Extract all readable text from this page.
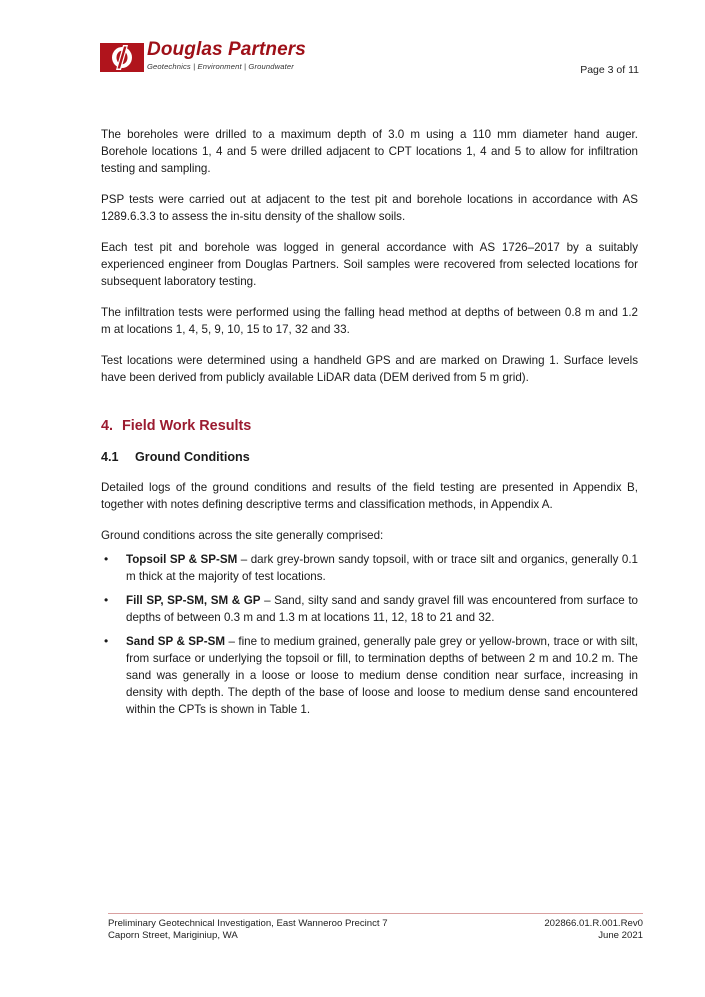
Douglas Partners
Geotechnics | Environment | Groundwater	Page 3 of 11

The boreholes were drilled to a maximum depth of 3.0 m using a 110 mm diameter hand auger. Borehole locations 1, 4 and 5 were drilled adjacent to CPT locations 1, 4 and 5 to allow for infiltration testing and sampling.

PSP tests were carried out at adjacent to the test pit and borehole locations in accordance with AS 1289.6.3.3 to assess the in-situ density of the shallow soils.

Each test pit and borehole was logged in general accordance with AS 1726–2017 by a suitably experienced engineer from Douglas Partners. Soil samples were recovered from selected locations for subsequent laboratory testing.

The infiltration tests were performed using the falling head method at depths of between 0.8 m and 1.2 m at locations 1, 4, 5, 9, 10, 15 to 17, 32 and 33.

Test locations were determined using a handheld GPS and are marked on Drawing 1. Surface levels have been derived from publicly available LiDAR data (DEM derived from 5 m grid).

4. Field Work Results
4.1 Ground Conditions

Detailed logs of the ground conditions and results of the field testing are presented in Appendix B, together with notes defining descriptive terms and classification methods, in Appendix A.

Ground conditions across the site generally comprised:

• Topsoil SP & SP-SM – dark grey-brown sandy topsoil, with or trace silt and organics, generally 0.1 m thick at the majority of test locations.
• Fill SP, SP-SM, SM & GP – Sand, silty sand and sandy gravel fill was encountered from surface to depths of between 0.3 m and 1.3 m at locations 11, 12, 18 to 21 and 32.
• Sand SP & SP-SM – fine to medium grained, generally pale grey or yellow-brown, trace or with silt, from surface or underlying the topsoil or fill, to termination depths of between 2 m and 10.2 m. The sand was generally in a loose or loose to medium dense condition near surface, increasing in density with depth. The depth of the base of loose and loose to medium dense sand encountered within the CPTs is shown in Table 1.
Preliminary Geotechnical Investigation, East Wanneroo Precinct 7
Caporn Street, Mariginiup, WA
202866.01.R.001.Rev0
June 2021
